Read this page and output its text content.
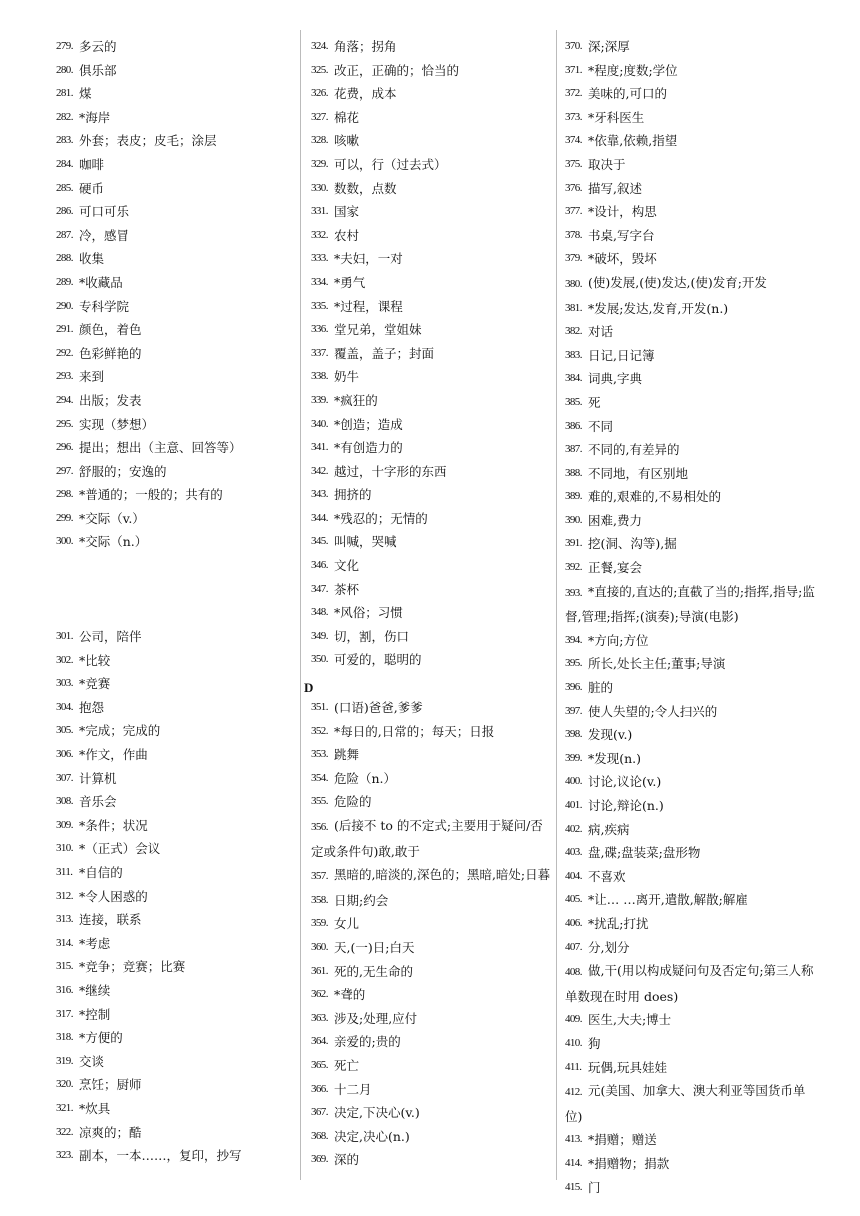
279. 多云的
280. 俱乐部
281. 煤
282. *海岸
283. 外套；表皮；皮毛；涂层
284. 咖啡
285. 硬币
286. 可口可乐
287. 冷，感冒
288. 收集
289. *收藏品
290. 专科学院
291. 颜色，着色
292. 色彩鲜艳的
293. 来到
294. 出版；发表
295. 实现（梦想）
296. 提出；想出（主意、回答等）
297. 舒服的；安逸的
298. *普通的；一般的；共有的
299. *交际（v.）
300. *交际（n.）
301. 公司，陪伴
302. *比较
303. *竞赛
304. 抱怨
305. *完成；完成的
306. *作文，作曲
307. 计算机
308. 音乐会
309. *条件；状况
310. *（正式）会议
311. *自信的
312. *令人困惑的
313. 连接，联系
314. *考虑
315. *竞争；竞赛；比赛
316. *继续
317. *控制
318. *方便的
319. 交谈
320. 烹饪；厨师
321. *炊具
322. 凉爽的；酷
323. 副本，一本……，复印，抄写
324. 角落；拐角
325. 改正，正确的；恰当的
326. 花费，成本
327. 棉花
328. 咳嗽
329. 可以，行（过去式）
330. 数数，点数
331. 国家
332. 农村
333. *夫妇，一对
334. *勇气
335. *过程，课程
336. 堂兄弟，堂姐妹
337. 覆盖，盖子；封面
338. 奶牛
339. *疯狂的
340. *创造；造成
341. *有创造力的
342. 越过，十字形的东西
343. 拥挤的
344. *残忍的；无情的
345. 叫喊，哭喊
346. 文化
347. 茶杯
348. *风俗；习惯
349. 切，割，伤口
350. 可爱的，聪明的
D
351. (口语)爸爸,爹爹
352. *每日的,日常的；每天；日报
353. 跳舞
354. 危险（n.）
355. 危险的
356. (后接不 to 的不定式;主要用于疑问/否定或条件句)敢,敢于
357. 黑暗的,暗淡的,深色的；黑暗,暗处;日暮
358. 日期;约会
359. 女儿
360. 天,(一)日;白天
361. 死的,无生命的
362. *聋的
363. 涉及;处理,应付
364. 亲爱的;贵的
365. 死亡
366. 十二月
367. 决定,下决心(v.)
368. 决定,决心(n.)
369. 深的
370. 深;深厚
371. *程度;度数;学位
372. 美味的,可口的
373. *牙科医生
374. *依靠,依赖,指望
375. 取决于
376. 描写,叙述
377. *设计，构思
378. 书桌,写字台
379. *破坏，毁坏
380. (使)发展,(使)发达,(使)发育;开发
381. *发展;发达,发育,开发(n.)
382. 对话
383. 日记,日记簿
384. 词典,字典
385. 死
386. 不同
387. 不同的,有差异的
388. 不同地，有区别地
389. 难的,艰难的,不易相处的
390. 困难,费力
391. 挖(洞、沟等),掘
392. 正餐,宴会
393. *直接的,直达的;直截了当的;指挥,指导;监督,管理;指挥;(演奏);导演(电影)
394. *方向;方位
395. 所长,处长主任;董事;导演
396. 脏的
397. 使人失望的;令人扫兴的
398. 发现(v.)
399. *发现(n.)
400. 讨论,议论(v.)
401. 讨论,辩论(n.)
402. 病,疾病
403. 盘,碟;盘装菜;盘形物
404. 不喜欢
405. *让… …离开,遣散,解散;解雇
406. *扰乱;打扰
407. 分,划分
408. 做,干(用以构成疑问句及否定句;第三人称单数现在时用 does)
409. 医生,大夫;博士
410. 狗
411. 玩偶,玩具娃娃
412. 元(美国、加拿大、澳大利亚等国货币单位)
413. *捐赠；赠送
414. *捐赠物；捐款
415. 门
